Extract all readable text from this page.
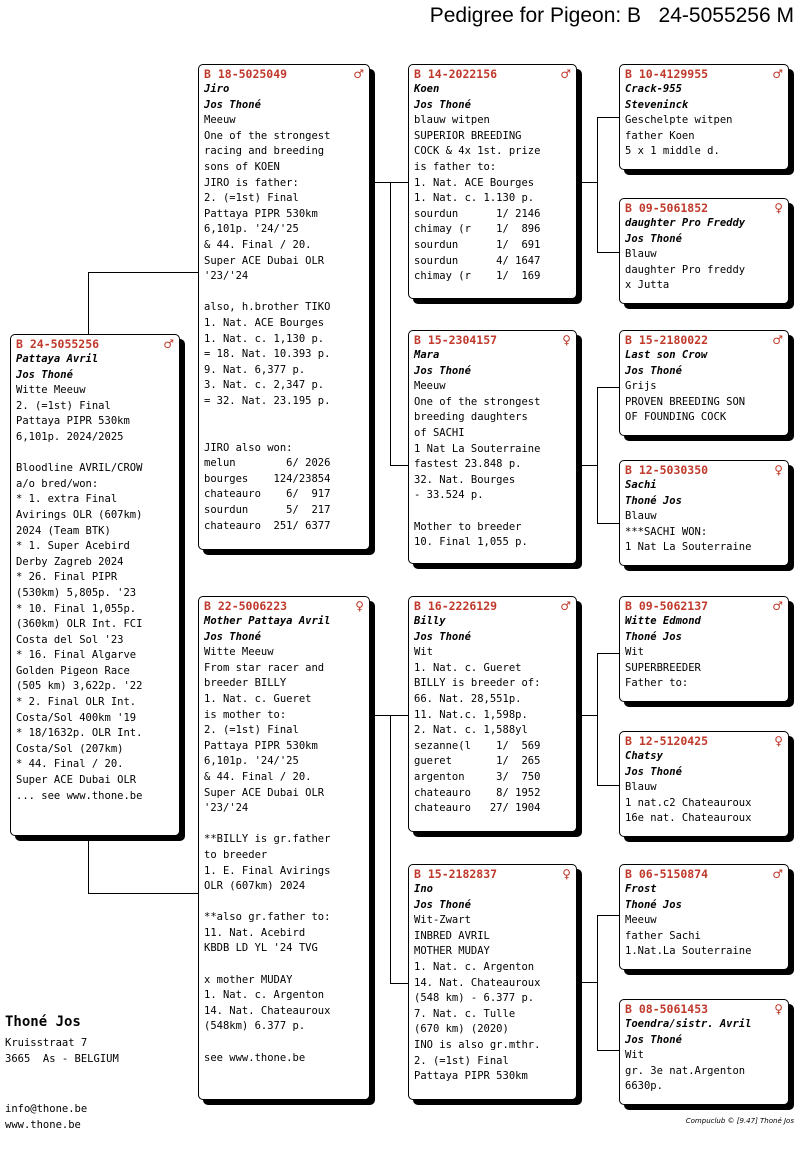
Pedigree for Pigeon: B   24-5055256 M
B 24-5055256	♂
Pattaya Avril
Jos Thoné
Witte Meeuw
2. (=1st) Final
Pattaya PIPR 530km
6,101p. 2024/2025

Bloodline AVRIL/CROW
a/o bred/won:
* 1. extra Final
Avirings OLR (607km)
2024 (Team BTK)
* 1. Super Acebird
Derby Zagreb 2024
* 26. Final PIPR
(530km) 5,805p. '23
* 10. Final 1,055p.
(360km) OLR Int. FCI
Costa del Sol '23
* 16. Final Algarve
Golden Pigeon Race
(505 km) 3,622p. '22
* 2. Final OLR Int.
Costa/Sol 400km '19
* 18/1632p. OLR Int.
Costa/Sol (207km)
* 44. Final / 20.
Super ACE Dubai OLR
... see www.thone.be
B 18-5025049	♂
Jiro
Jos Thoné
Meeuw
One of the strongest
racing and breeding
sons of KOEN
JIRO is father:
2. (=1st) Final
Pattaya PIPR 530km
6,101p. '24/'25
& 44. Final / 20.
Super ACE Dubai OLR
'23/'24

also, h.brother TIKO
1. Nat. ACE Bourges
1. Nat. c. 1,130 p.
= 18. Nat. 10.393 p.
9. Nat. 6,377 p.
3. Nat. c. 2,347 p.
= 32. Nat. 23.195 p.

JIRO also won:
melun        6/ 2026
bourges    124/23854
chateauro    6/  917
sourdun      5/  217
chateauro  251/ 6377
B 22-5006223	♀
Mother Pattaya Avril
Jos Thoné
Witte Meeuw
From star racer and
breeder BILLY
1. Nat. c. Gueret
is mother to:
2. (=1st) Final
Pattaya PIPR 530km
6,101p. '24/'25
& 44. Final / 20.
Super ACE Dubai OLR
'23/'24

**BILLY is gr.father
to breeder
1. E. Final Avirings
OLR (607km) 2024

**also gr.father to:
11. Nat. Acebird
KBDB LD YL '24 TVG

x mother MUDAY
1. Nat. c. Argenton
14. Nat. Chateauroux
(548km) 6.377 p.

see www.thone.be
B 14-2022156	♂
Koen
Jos Thoné
blauw witpen
SUPERIOR BREEDING
COCK & 4x 1st. prize
is father to:
1. Nat. ACE Bourges
1. Nat. c. 1.130 p.
sourdun      1/ 2146
chimay (r    1/  896
sourdun      1/  691
sourdun      4/ 1647
chimay (r    1/  169
B 15-2304157	♀
Mara
Jos Thoné
Meeuw
One of the strongest
breeding daughters
of SACHI
1 Nat La Souterraine
fastest 23.848 p.
32. Nat. Bourges
- 33.524 p.

Mother to breeder
10. Final 1,055 p.
B 16-2226129	♂
Billy
Jos Thoné
Wit
1. Nat. c. Gueret
BILLY is breeder of:
66. Nat. 28,551p.
11. Nat.c. 1,598p.
2. Nat. c. 1,588yl
sezanne(l    1/  569
gueret       1/  265
argenton     3/  750
chateauro    8/ 1952
chateauro   27/ 1904
B 15-2182837	♀
Ino
Jos Thoné
Wit-Zwart
INBRED AVRIL
MOTHER MUDAY
1. Nat. c. Argenton
14. Nat. Chateauroux
(548 km) - 6.377 p.
7. Nat. c. Tulle
(670 km) (2020)
INO is also gr.mthr.
2. (=1st) Final
Pattaya PIPR 530km
B 10-4129955	♂
Crack-955
Steveninck
Geschelpte witpen
father Koen
5 x 1 middle d.
B 09-5061852	♀
daughter Pro Freddy
Jos Thoné
Blauw
daughter Pro freddy
x Jutta
B 15-2180022	♂
Last son Crow
Jos Thoné
Grijs
PROVEN BREEDING SON
OF FOUNDING COCK
B 12-5030350	♀
Sachi
Thoné Jos
Blauw
***SACHI WON:
1 Nat La Souterraine
B 09-5062137	♂
Witte Edmond
Thoné Jos
Wit
SUPERBREEDER
Father to:
B 12-5120425	♀
Chatsy
Jos Thoné
Blauw
1 nat.c2 Chateauroux
16e nat. Chateauroux
B 06-5150874	♂
Frost
Thoné Jos
Meeuw
father Sachi
1.Nat.La Souterraine
B 08-5061453	♀
Toendra/sistr. Avril
Jos Thoné
Wit
gr. 3e nat.Argenton
6630p.
Thoné Jos
Kruisstraat 7
3665  As - BELGIUM
info@thone.be
www.thone.be	Compuclub © [9.47] Thoné Jos
